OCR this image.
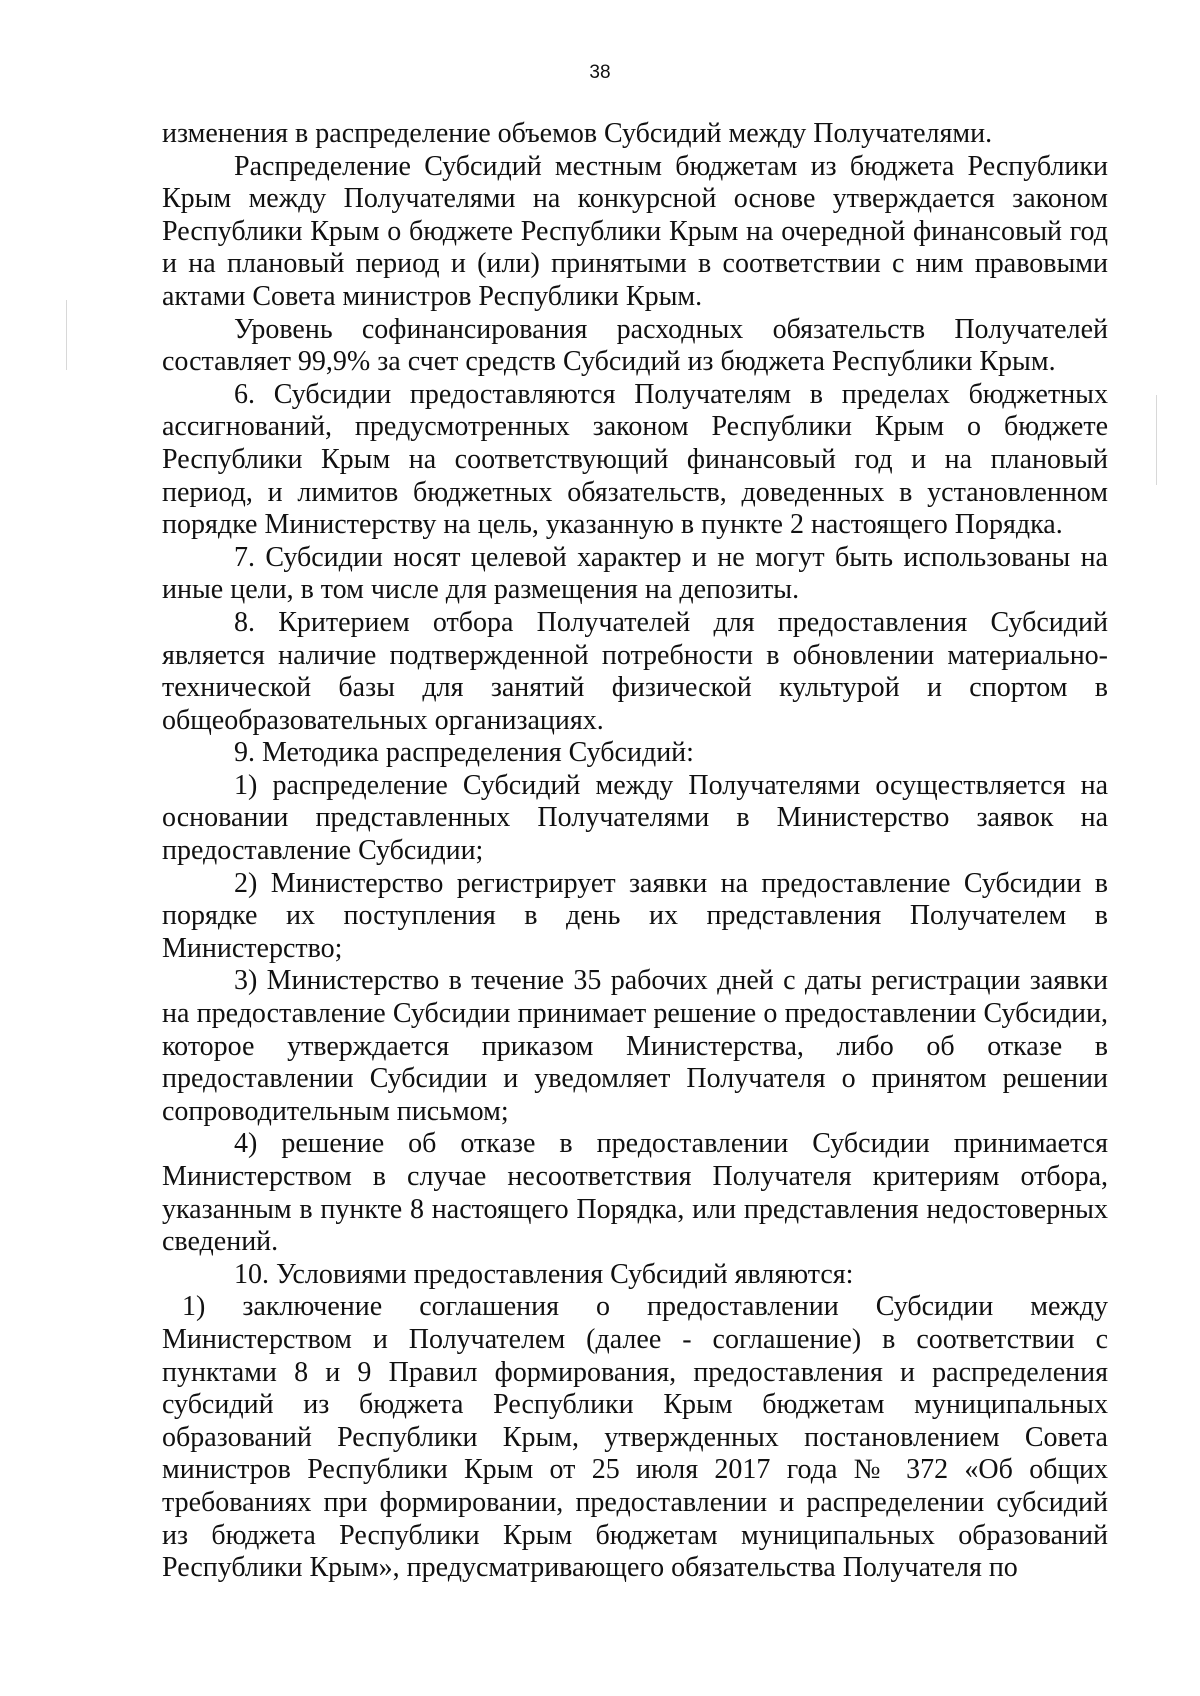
38

изменения в распределение объемов Субсидий между Получателями.

Распределение Субсидий местным бюджетам из бюджета Республики Крым между Получателями на конкурсной основе утверждается законом Республики Крым о бюджете Республики Крым на очередной финансовый год и на плановый период и (или) принятыми в соответствии с ним правовыми актами Совета министров Республики Крым.

Уровень софинансирования расходных обязательств Получателей составляет 99,9% за счет средств Субсидий из бюджета Республики Крым.

6. Субсидии предоставляются Получателям в пределах бюджетных ассигнований, предусмотренных законом Республики Крым о бюджете Республики Крым на соответствующий финансовый год и на плановый период, и лимитов бюджетных обязательств, доведенных в установленном порядке Министерству на цель, указанную в пункте 2 настоящего Порядка.

7. Субсидии носят целевой характер и не могут быть использованы на иные цели, в том числе для размещения на депозиты.

8. Критерием отбора Получателей для предоставления Субсидий является наличие подтвержденной потребности в обновлении материально-технической базы для занятий физической культурой и спортом в общеобразовательных организациях.

9. Методика распределения Субсидий:

1) распределение Субсидий между Получателями осуществляется на основании представленных Получателями в Министерство заявок на предоставление Субсидии;

2) Министерство регистрирует заявки на предоставление Субсидии в порядке их поступления в день их представления Получателем в Министерство;

3) Министерство в течение 35 рабочих дней с даты регистрации заявки на предоставление Субсидии принимает решение о предоставлении Субсидии, которое утверждается приказом Министерства, либо об отказе в предоставлении Субсидии и уведомляет Получателя о принятом решении сопроводительным письмом;

4) решение об отказе в предоставлении Субсидии принимается Министерством в случае несоответствия Получателя критериям отбора, указанным в пункте 8 настоящего Порядка, или представления недостоверных сведений.

10. Условиями предоставления Субсидий являются:

1) заключение соглашения о предоставлении Субсидии между Министерством и Получателем (далее - соглашение) в соответствии с пунктами 8 и 9 Правил формирования, предоставления и распределения субсидий из бюджета Республики Крым бюджетам муниципальных образований Республики Крым, утвержденных постановлением Совета министров Республики Крым от 25 июля 2017 года № 372 «Об общих требованиях при формировании, предоставлении и распределении субсидий из бюджета Республики Крым бюджетам муниципальных образований Республики Крым», предусматривающего обязательства Получателя по
